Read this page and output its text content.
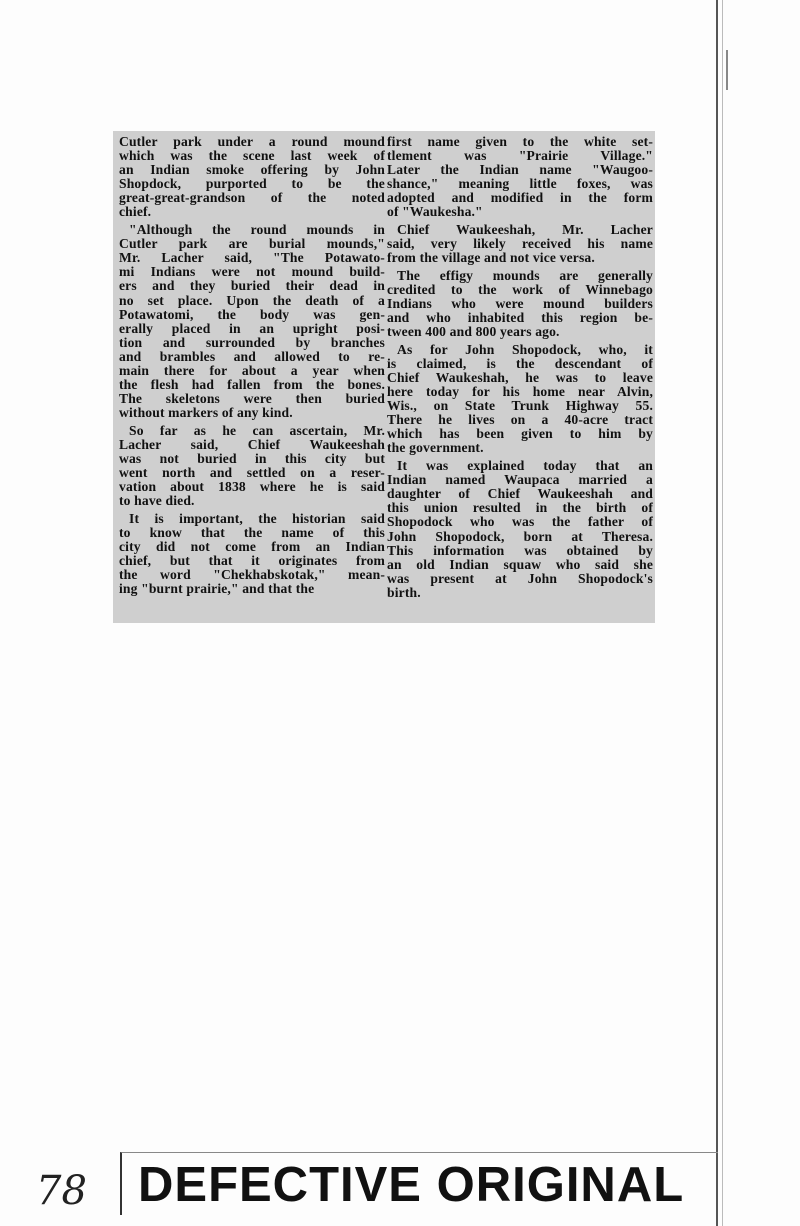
Cutler park under a round mound
which was the scene last week of
an Indian smoke offering by John
Shopdock, purported to be the
great-great-grandson of the noted
chief.
"Although the round mounds in
Cutler park are burial mounds,"
Mr. Lacher said, "The Potawato-
mi Indians were not mound build-
ers and they buried their dead in
no set place. Upon the death of a
Potawatomi, the body was gen-
erally placed in an upright posi-
tion and surrounded by branches
and brambles and allowed to re-
main there for about a year when
the flesh had fallen from the bones.
The skeletons were then buried
without markers of any kind.
So far as he can ascertain, Mr.
Lacher said, Chief Waukeeshah
was not buried in this city but
went north and settled on a reser-
vation about 1838 where he is said
to have died.
It is important, the historian said
to know that the name of this
city did not come from an Indian
chief, but that it originates from
the word "Chekhabskotak," mean-
ing "burnt prairie," and that the
first name given to the white set-
tlement was "Prairie Village."
Later the Indian name "Waugoo-
shance," meaning little foxes, was
adopted and modified in the form
of "Waukesha."
Chief Waukeeshah, Mr. Lacher
said, very likely received his name
from the village and not vice versa.
The effigy mounds are generally
credited to the work of Winnebago
Indians who were mound builders
and who inhabited this region be-
tween 400 and 800 years ago.
As for John Shopodock, who, it
is claimed, is the descendant of
Chief Waukeshah, he was to leave
here today for his home near Alvin,
Wis., on State Trunk Highway 55.
There he lives on a 40-acre tract
which has been given to him by
the government.
It was explained today that an
Indian named Waupaca married a
daughter of Chief Waukeeshah and
this union resulted in the birth of
Shopodock who was the father of
John Shopodock, born at Theresa.
This information was obtained by
an old Indian squaw who said she
was present at John Shopodock's
birth.
78 DEFECTIVE ORIGINAL
